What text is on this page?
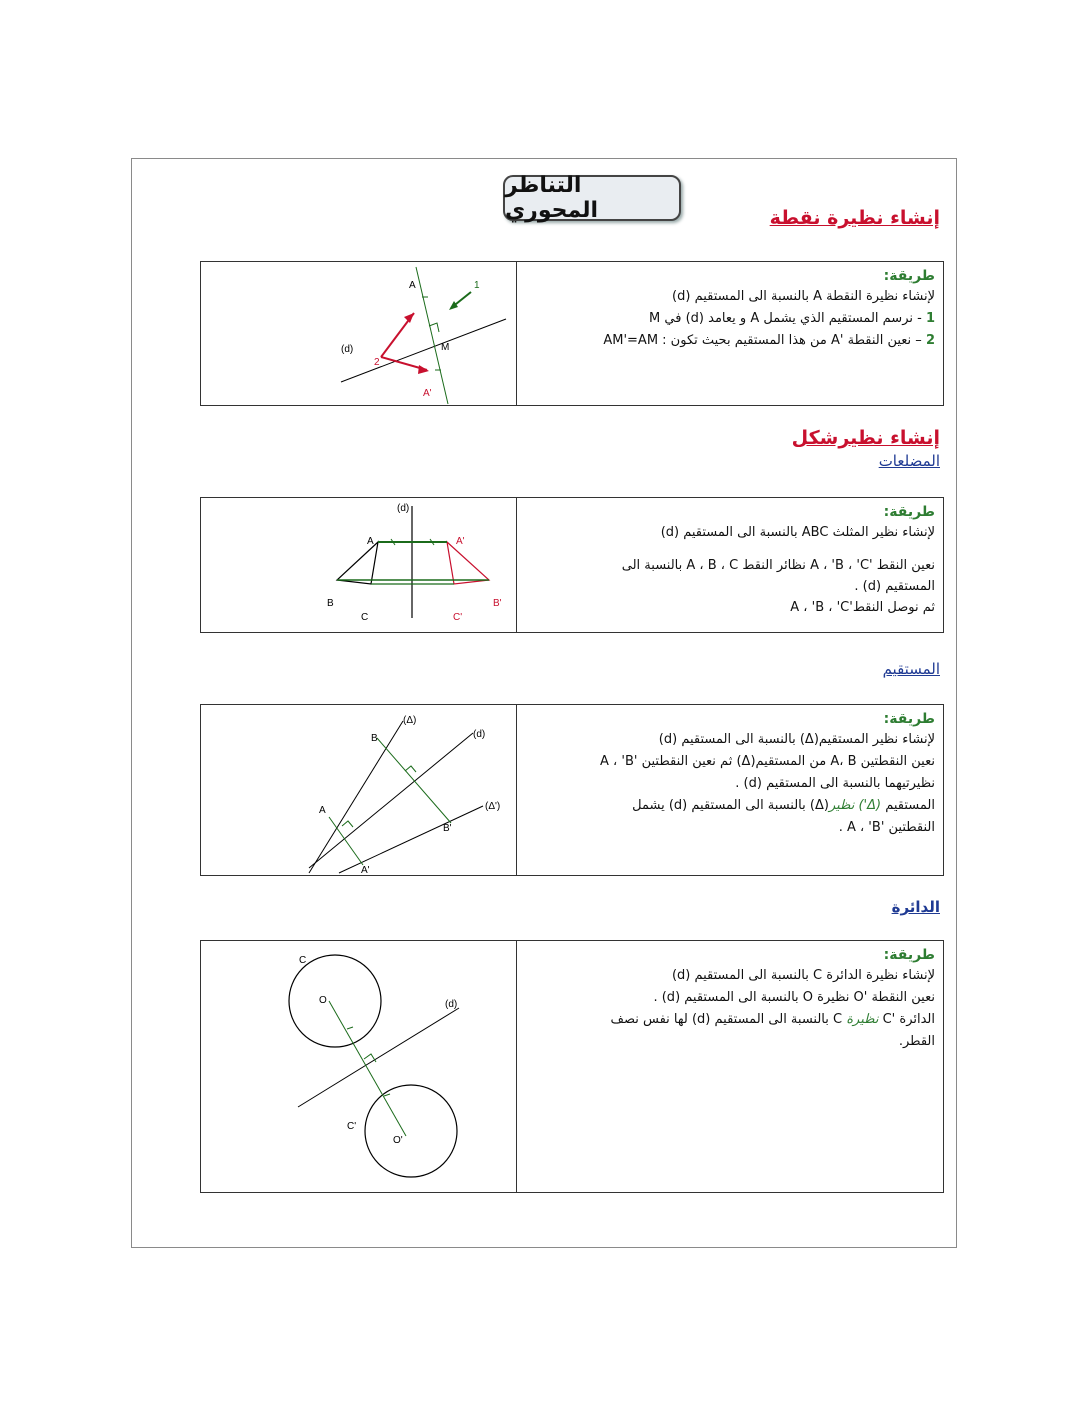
التناظر المحوري	إنشاء نظيرة نقطة
A
A'
M
(d)
1
2
طريقة:
لإنشاء نظيرة النقطة A بالنسبة الى المستقيم (d)
1 - نرسم المستقيم الذي يشمل A و يعامد (d) في M
2 – نعين النقطة 'A من هذا المستقيم بحيث تكون : AM'=AM
إنشاء نظيرشكل
المضلعات
(d)
A
B
C
A'
B'
C'
طريقة:
لإنشاء نظير المثلث ABC بالنسبة الى المستقيم (d)
نعين النقط 'A ، 'B ، 'C نظائر النقط A ، B ، C بالنسبة الى
المستقيم (d) .
ثم نوصل النقط'A ، 'B ، 'C
المستقيم
(Δ)
(d)
(Δ')
A
B
A'
B'
طريقة:
لإنشاء نظير المستقيم(Δ) بالنسبة الى المستقيم (d)
نعين النقطتين A، B من المستقيم(Δ) ثم نعين النقطتين 'A ، 'B
نظيرتيهما بالنسبة الى المستقيم (d) .
المستقيم (Δ') نظير(Δ) بالنسبة الى المستقيم (d) يشمل
النقطتين 'A ، 'B .
الدائرة
C
O	(d)
C'
O'
طريقة:
لإنشاء نظيرة الدائرة C بالنسبة الى المستقيم (d)
نعين النقطة 'O نظيرة O بالنسبة الى المستقيم (d) .
الدائرة 'C نظيرة C بالنسبة الى المستقيم (d) لها نفس نصف
القطر.
